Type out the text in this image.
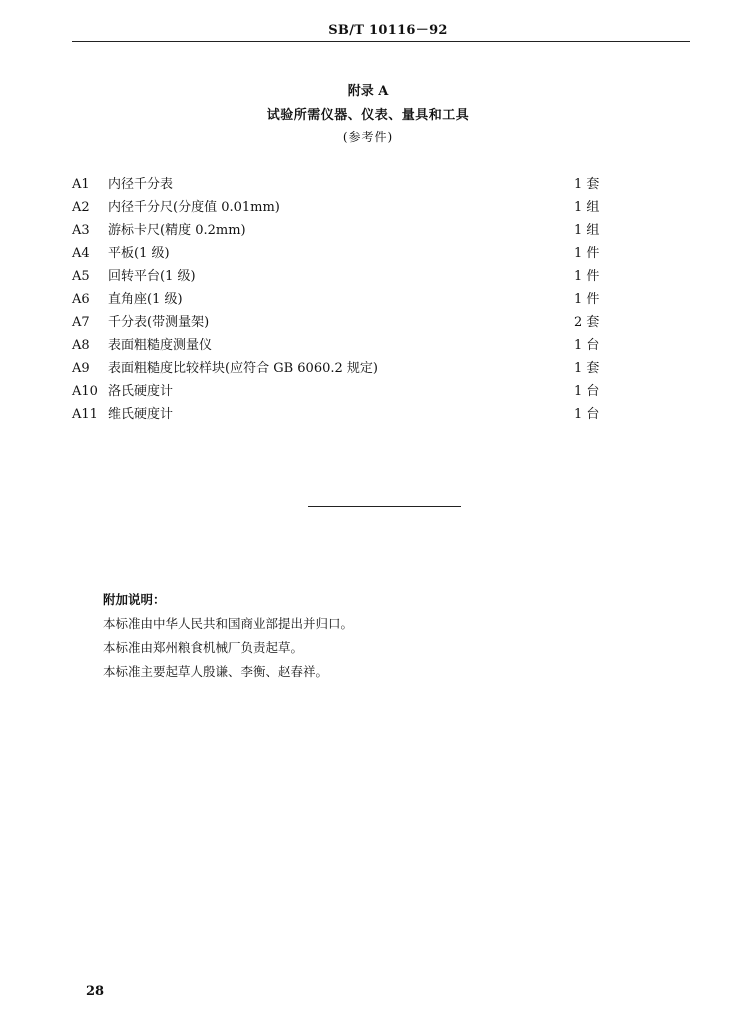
SB/T 10116－92
附录 A
试验所需仪器、仪表、量具和工具
(参考件)
A1	内径千分表	1 套
A2	内径千分尺(分度值 0.01mm)	1 组
A3	游标卡尺(精度 0.2mm)	1 组
A4	平板(1 级)	1 件
A5	回转平台(1 级)	1 件
A6	直角座(1 级)	1 件
A7	千分表(带测量架)	2 套
A8	表面粗糙度测量仪	1 台
A9	表面粗糙度比较样块(应符合 GB 6060.2 规定)	1 套
A10 洛氏硬度计	1 台
A11 维氏硬度计	1 台
附加说明：
本标准由中华人民共和国商业部提出并归口。
本标准由郑州粮食机械厂负责起草。
本标准主要起草人殷谦、李衡、赵春祥。
28
